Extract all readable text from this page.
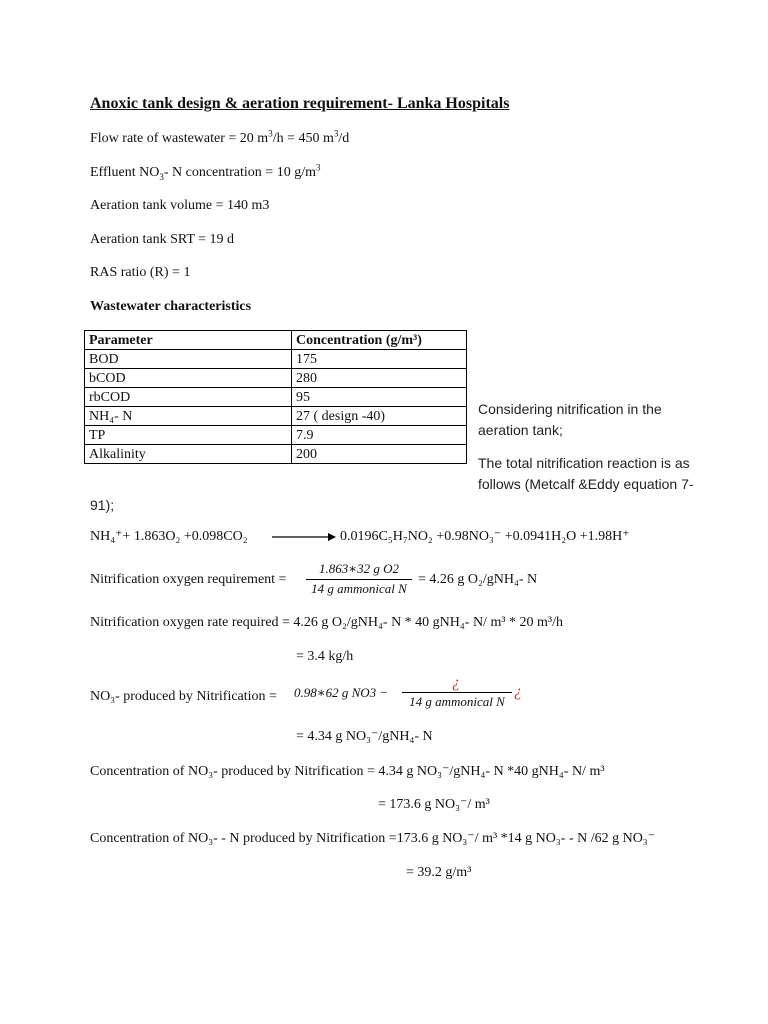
Anoxic tank design & aeration requirement- Lanka Hospitals
Flow rate of wastewater = 20 $m^3/h = 450$ $m^3/d$
Effluent $NO_3-$ N concentration = 10 $g/m^3$
Aeration tank volume = 140 m3
Aeration tank SRT = 19 d
RAS ratio (R) = 1
Wastewater characteristics
Parameter	Concentration (g/m³)
BOD	175
bCOD	280
rbCOD	95
NH₄- N	27 ( design -40)
TP	7.9
Alkalinity	200
Considering nitrification in the
aeration tank;
The total nitrification reaction is as
follows (Metcalf &Eddy equation 7-
91);
NH₄⁺+ 1.863O₂ +0.098CO₂ → 0.0196C₅H₇NO₂ +0.98NO₃⁻ +0.0941H₂O +1.98H⁺
Nitrification oxygen requirement =
1.863∗32 g O2
14 g ammonical N
= 4.26 g O₂/gNH₄- N
Nitrification oxygen rate required = 4.26 g O₂/gNH₄- N * 40 gNH₄- N/ m³ * 20 m³/h
= 3.4 kg/h
NO₃- produced by Nitrification = 0.98∗62 g NO3 −
¿
14 g ammonical N
¿
= 4.34 g NO₃⁻/gNH₄- N
Concentration of NO₃- produced by Nitrification = 4.34 g NO₃⁻/gNH₄- N *40 gNH₄- N/ m³
= 173.6 g NO₃⁻/ m³
Concentration of NO₃- - N produced by Nitrification =173.6 g NO₃⁻/ m³ *14 g NO₃- - N /62 g NO₃⁻
= 39.2 g/m³
